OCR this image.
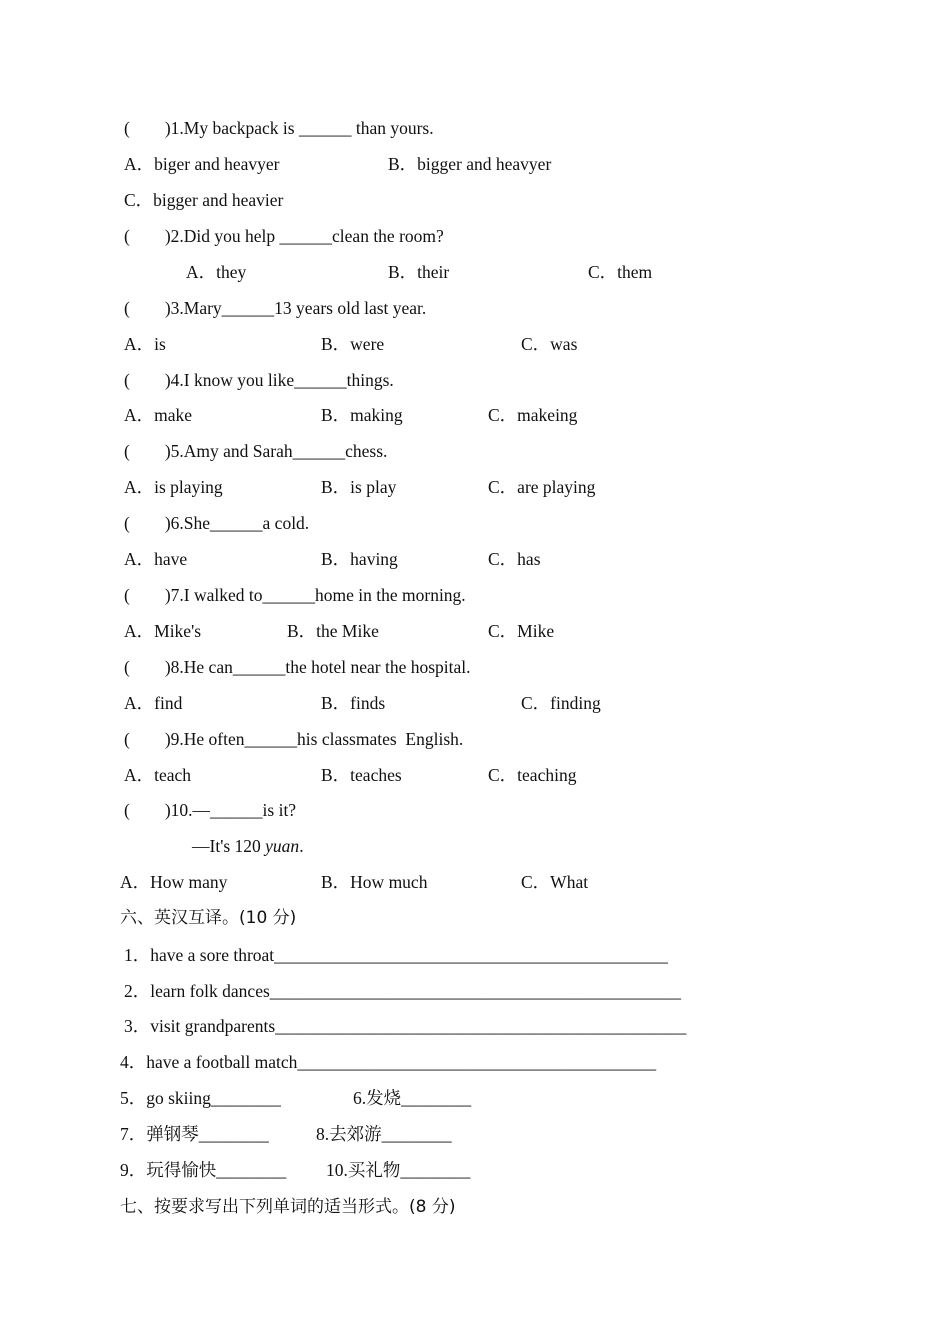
(        )1.My backpack is ______ than yours.
A．biger and heavyer	B．bigger and heavyer
C．bigger and heavier
(        )2.Did you help ______clean the room?
A．they	B．their	C．them
(        )3.Mary______13 years old last year.
A．is	B．were	C．was
(        )4.I know you like______things.
A．make	B．making	C．makeing
(        )5.Amy and Sarah______chess.
A．is playing	B．is play	C．are playing
(        )6.She______a cold.
A．have	B．having	C．has
(        )7.I walked to______home in the morning.
A．Mike's	B．the Mike	C．Mike
(        )8.He can______the hotel near the hospital.
A．find	B．finds	C．finding
(        )9.He often______his classmates  English.
A．teach	B．teaches	C．teaching
(        )10.—______is it?
—It's 120 yuan.
A．How many	B．How much	C．What
六、英汉互译。(10 分)
1．have a sore throat_____________________________________________
2．learn folk dances_______________________________________________
3．visit grandparents_______________________________________________
4．have a football match_________________________________________
5．go skiing________	6.发烧________
7．弹钢琴________	8.去郊游________
9．玩得愉快________ 10.买礼物________
七、按要求写出下列单词的适当形式。(8 分)
